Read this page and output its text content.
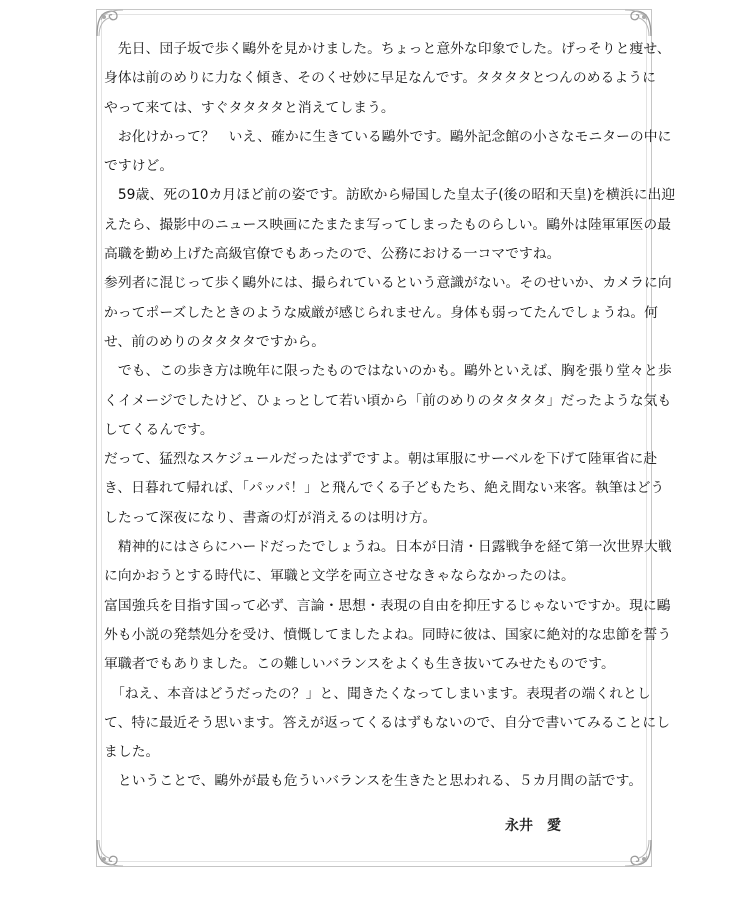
　先日、団子坂で歩く鷗外を見かけました。ちょっと意外な印象でした。げっそりと痩せ、
身体は前のめりに力なく傾き、そのくせ妙に早足なんです。タタタタとつんのめるように
やって来ては、すぐタタタタと消えてしまう。
　お化けかって？　いえ、確かに生きている鷗外です。鷗外記念館の小さなモニターの中に
ですけど。
　59歳、死の10カ月ほど前の姿です。訪欧から帰国した皇太子(後の昭和天皇)を横浜に出迎
えたら、撮影中のニュース映画にたまたま写ってしまったものらしい。鷗外は陸軍軍医の最
高職を勤め上げた高級官僚でもあったので、公務における一コマですね。
参列者に混じって歩く鷗外には、撮られているという意識がない。そのせいか、カメラに向
かってポーズしたときのような威厳が感じられません。身体も弱ってたんでしょうね。何
せ、前のめりのタタタタですから。
　でも、この歩き方は晩年に限ったものではないのかも。鷗外といえば、胸を張り堂々と歩
くイメージでしたけど、ひょっとして若い頃から「前のめりのタタタタ」だったような気も
してくるんです。
だって、猛烈なスケジュールだったはずですよ。朝は軍服にサーベルを下げて陸軍省に赴
き、日暮れて帰れば、「パッパ！」と飛んでくる子どもたち、絶え間ない来客。執筆はどう
したって深夜になり、書斎の灯が消えるのは明け方。
　精神的にはさらにハードだったでしょうね。日本が日清・日露戦争を経て第一次世界大戦
に向かおうとする時代に、軍職と文学を両立させなきゃならなかったのは。
富国強兵を目指す国って必ず、言論・思想・表現の自由を抑圧するじゃないですか。現に鷗
外も小説の発禁処分を受け、憤慨してましたよね。同時に彼は、国家に絶対的な忠節を誓う
軍職者でもありました。この難しいバランスをよくも生き抜いてみせたものです。
　「ねえ、本音はどうだったの？」と、聞きたくなってしまいます。表現者の端くれとし
て、特に最近そう思います。答えが返ってくるはずもないので、自分で書いてみることにし
ました。
　ということで、鷗外が最も危ういバランスを生きたと思われる、５カ月間の話です。
永井　愛
